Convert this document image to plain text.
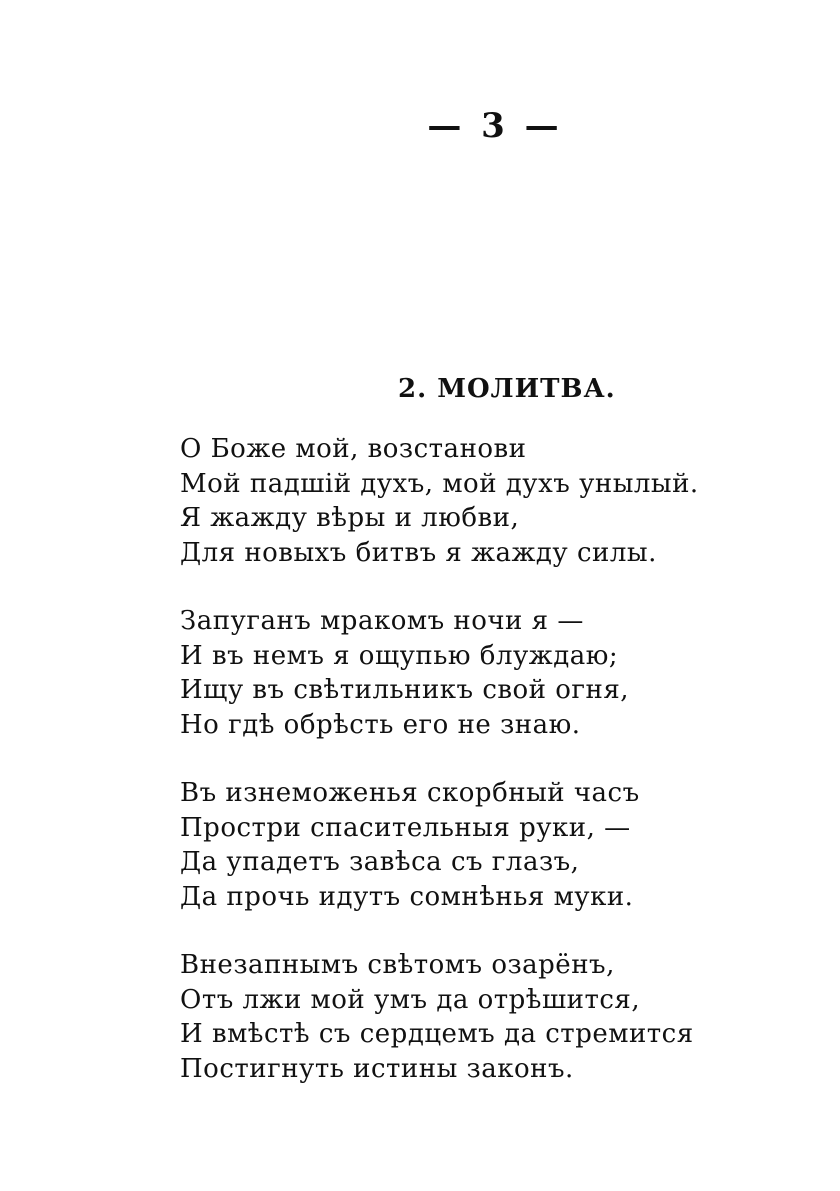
— 3 —
2. МОЛИТВА.
О Боже мой, возстанови
Мой падшій духъ, мой духъ унылый.
Я жажду вѣры и любви,
Для новыхъ битвъ я жажду силы.
Запуганъ мракомъ ночи я —
И въ немъ я ощупью блуждаю;
Ищу въ свѣтильникъ свой огня,
Но гдѣ обрѣсть его не знаю.
Въ изнеможенья скорбный часъ
Простри спасительныя руки, —
Да упадетъ завѣса съ глазъ,
Да прочь идутъ сомнѣнья муки.
Внезапнымъ свѣтомъ озарёнъ,
Отъ лжи мой умъ да отрѣшится,
И вмѣстѣ съ сердцемъ да стремится
Постигнуть истины законъ.
